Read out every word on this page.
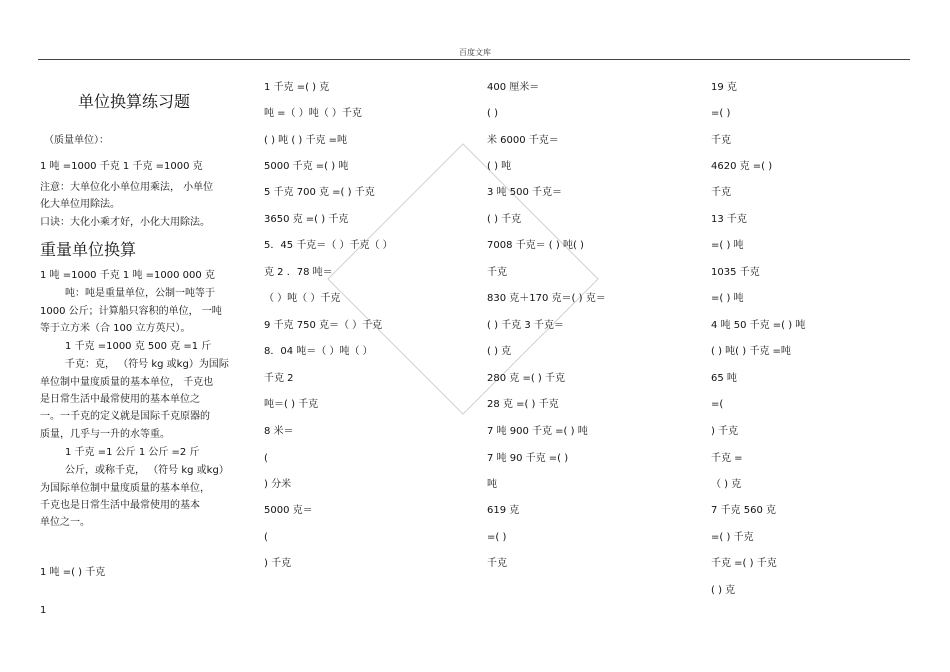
百度文库
单位换算练习题
（质量单位）：
1 吨 =1000 千克 1 千克 =1000 克
注意：大单位化小单位用乘法， 小单位
化大单位用除法。
口诀：大化小乘才好，小化大用除法。
重量单位换算
1 吨 =1000 千克 1 吨 =1000 000 克
吨：吨是重量单位，公制一吨等于
1000 公斤；计算船只容积的单位， 一吨
等于立方米（合 100 立方英尺）。
1 千克 =1000 克 500 克 =1 斤
千克：克， （符号 kg 或kg）为国际
单位制中量度质量的基本单位， 千克也
是日常生活中最常使用的基本单位之
一。一千克的定义就是国际千克原器的
质量，几乎与一升的水等重。
1 千克 =1 公斤 1 公斤 =2 斤
公斤，或称千克， （符号 kg 或kg）
为国际单位制中量度质量的基本单位，
千克也是日常生活中最常使用的基本
单位之一。
1 吨 =( ) 千克
1 千克 =( ) 克
吨 =（ ）吨（ ）千克
( ) 吨 ( ) 千克 =吨
5000 千克 =( ) 吨
5 千克 700 克 =( ) 千克
3650 克 =( ) 千克
5．45 千克＝（ ）千克（ ）
克 2 ．78 吨＝
（ ）吨（ ）千克
9 千克 750 克＝（ ）千克
8．04 吨＝（ ）吨（ ）
千克 2
吨＝( ) 千克
8 米＝
(
) 分米
5000 克＝
(
) 千克
400 厘米＝
( )
米 6000 千克＝
( ) 吨
3 吨 500 千克＝
( ) 千克
7008 千克＝ ( ) 吨( )
千克
830 克＋170 克＝( ) 克＝
( ) 千克 3 千克＝
( ) 克
280 克 =( ) 千克
28 克 =( ) 千克
7 吨 900 千克 =( ) 吨
7 吨 90 千克 =( )
吨
619 克
=( )
千克
19 克
=( )
千克
4620 克 =( )
千克
13 千克
=( ) 吨
1035 千克
=( ) 吨
4 吨 50 千克 =( ) 吨
( ) 吨( ) 千克 =吨
65 吨
=(
) 千克
千克 =
（ ) 克
7 千克 560 克
=( ) 千克
千克 =( ) 千克
( ) 克
1
